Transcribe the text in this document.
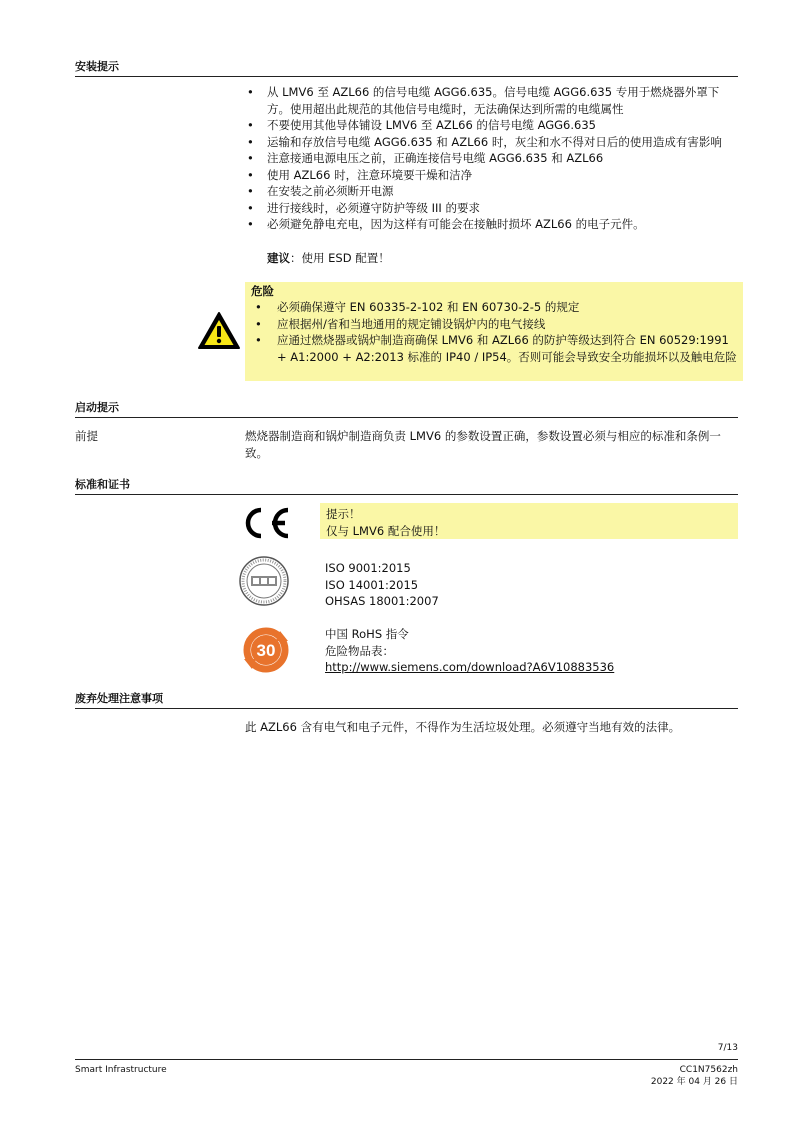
安装提示
• 从 LMV6 至 AZL66 的信号电缆 AGG6.635。信号电缆 AGG6.635 专用于燃烧器外罩下方。使用超出此规范的其他信号电缆时，无法确保达到所需的电缆属性
• 不要使用其他导体铺设 LMV6 至 AZL66 的信号电缆 AGG6.635
• 运输和存放信号电缆 AGG6.635 和 AZL66 时，灰尘和水不得对日后的使用造成有害影响
• 注意接通电源电压之前，正确连接信号电缆 AGG6.635 和 AZL66
• 使用 AZL66 时，注意环境要干燥和洁净
• 在安装之前必须断开电源
• 进行接线时，必须遵守防护等级 III 的要求
• 必须避免静电充电，因为这样有可能会在接触时损坏 AZL66 的电子元件。
建议：使用 ESD 配置！
危险
• 必须确保遵守 EN 60335-2-102 和 EN 60730-2-5 的规定
• 应根据州/省和当地通用的规定铺设锅炉内的电气接线
• 应通过燃烧器或锅炉制造商确保 LMV6 和 AZL66 的防护等级达到符合 EN 60529:1991 + A1:2000 + A2:2013 标准的 IP40 / IP54。否则可能会导致安全功能损坏以及触电危险
启动提示
前提	燃烧器制造商和锅炉制造商负责 LMV6 的参数设置正确，参数设置必须与相应的标准和条例一致。
标准和证书
提示！
仅与 LMV6 配合使用！
ISO 9001:2015
ISO 14001:2015
OHSAS 18001:2007
30
中国 RoHS 指令
危险物品表：
http://www.siemens.com/download?A6V10883536
废弃处理注意事项
此 AZL66 含有电气和电子元件，不得作为生活垃圾处理。必须遵守当地有效的法律。
7/13
Smart Infrastructure	CC1N7562zh
2022 年 04 月 26 日
